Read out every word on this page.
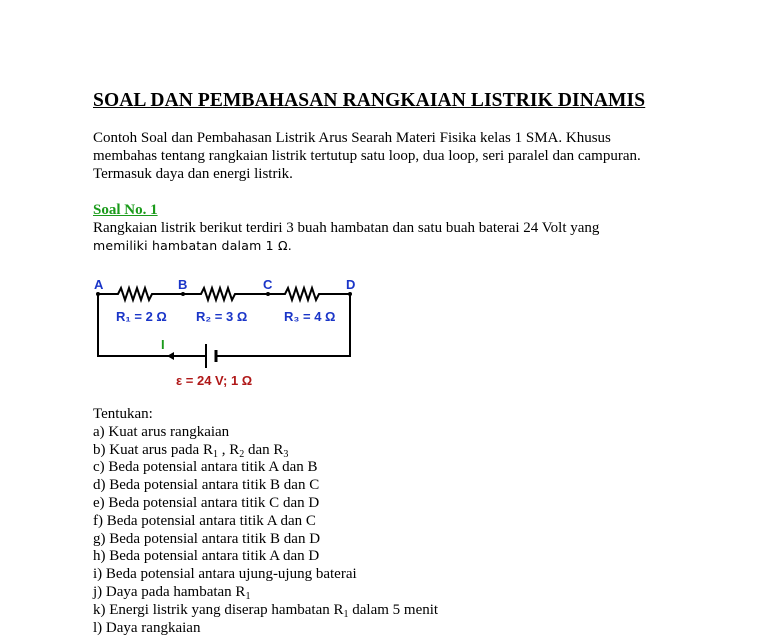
SOAL DAN PEMBAHASAN RANGKAIAN LISTRIK DINAMIS
Contoh Soal dan Pembahasan Listrik Arus Searah Materi Fisika kelas 1 SMA. Khusus
membahas tentang rangkaian listrik tertutup satu loop, dua loop, seri paralel dan campuran.
Termasuk daya dan energi listrik.
Soal No. 1
Rangkaian listrik berikut terdiri 3 buah hambatan dan satu buah baterai 24 Volt yang
memiliki hambatan dalam 1 Ω.
A	B	C	D
R₁ = 2 Ω R₂ = 3 Ω	R₃ = 4 Ω
I
ε = 24 V; 1 Ω
Tentukan:
a) Kuat arus rangkaian
b) Kuat arus pada $R_1$ , $R_2$ dan $R_3$
c) Beda potensial antara titik A dan B
d) Beda potensial antara titik B dan C
e) Beda potensial antara titik C dan D
f) Beda potensial antara titik A dan C
g) Beda potensial antara titik B dan D
h) Beda potensial antara titik A dan D
i) Beda potensial antara ujung-ujung baterai
j) Daya pada hambatan $R_1$
k) Energi listrik yang diserap hambatan $R_1$ dalam 5 menit
l) Daya rangkaian
